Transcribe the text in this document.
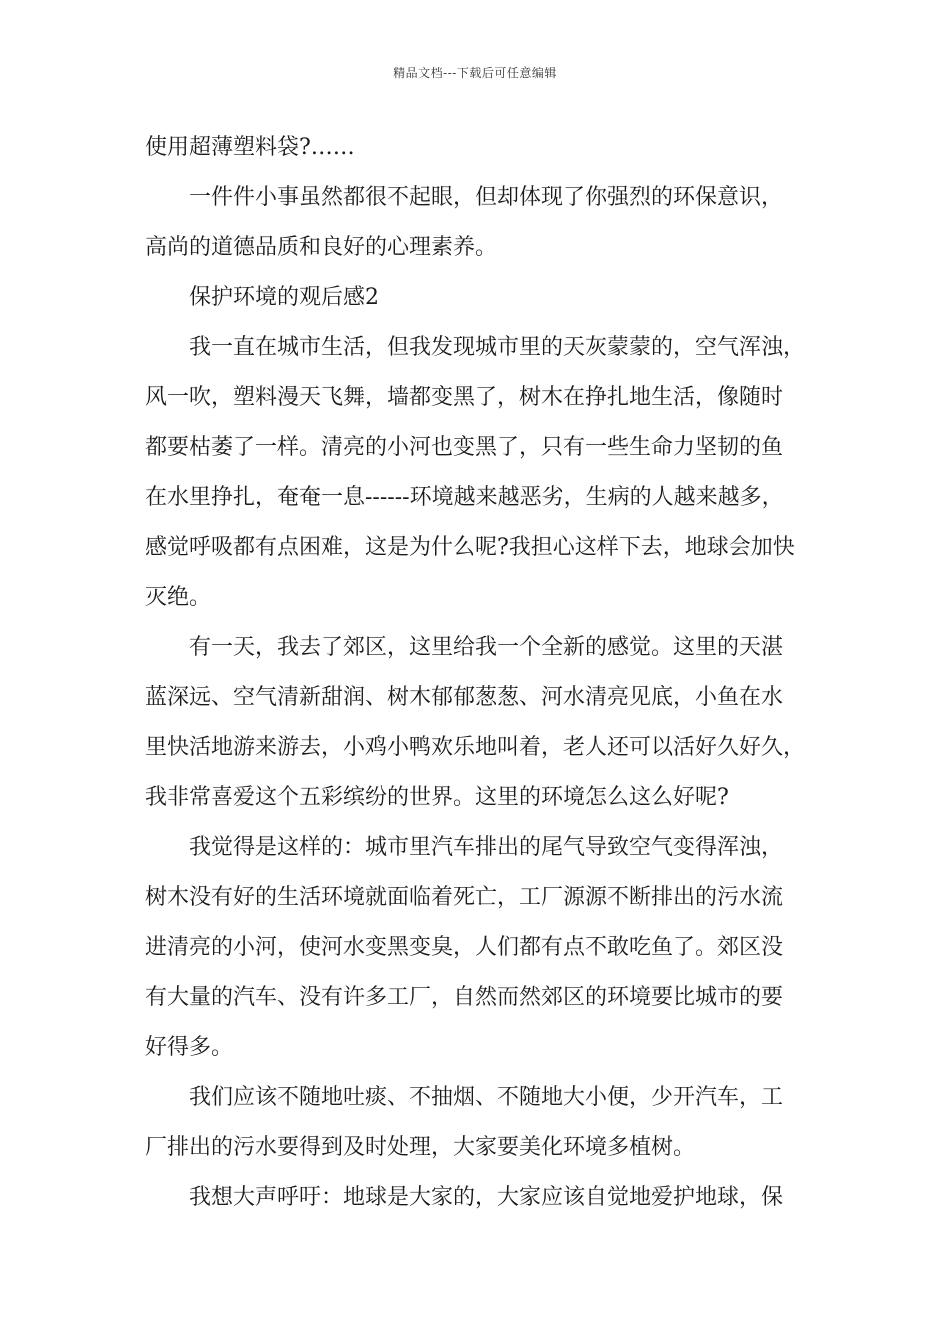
精品文档---下载后可任意编辑
使用超薄塑料袋?……
一件件小事虽然都很不起眼，但却体现了你强烈的环保意识，
高尚的道德品质和良好的心理素养。
保护环境的观后感2
我一直在城市生活，但我发现城市里的天灰蒙蒙的，空气浑浊，
风一吹，塑料漫天飞舞，墙都变黑了，树木在挣扎地生活，像随时
都要枯萎了一样。清亮的小河也变黑了，只有一些生命力坚韧的鱼
在水里挣扎，奄奄一息------环境越来越恶劣，生病的人越来越多，
感觉呼吸都有点困难，这是为什么呢?我担心这样下去，地球会加快
灭绝。
有一天，我去了郊区，这里给我一个全新的感觉。这里的天湛
蓝深远、空气清新甜润、树木郁郁葱葱、河水清亮见底，小鱼在水
里快活地游来游去，小鸡小鸭欢乐地叫着，老人还可以活好久好久，
我非常喜爱这个五彩缤纷的世界。这里的环境怎么这么好呢?
我觉得是这样的：城市里汽车排出的尾气导致空气变得浑浊，
树木没有好的生活环境就面临着死亡，工厂源源不断排出的污水流
进清亮的小河，使河水变黑变臭，人们都有点不敢吃鱼了。郊区没
有大量的汽车、没有许多工厂，自然而然郊区的环境要比城市的要
好得多。
我们应该不随地吐痰、不抽烟、不随地大小便，少开汽车，工
厂排出的污水要得到及时处理，大家要美化环境多植树。
我想大声呼吁：地球是大家的，大家应该自觉地爱护地球，保
